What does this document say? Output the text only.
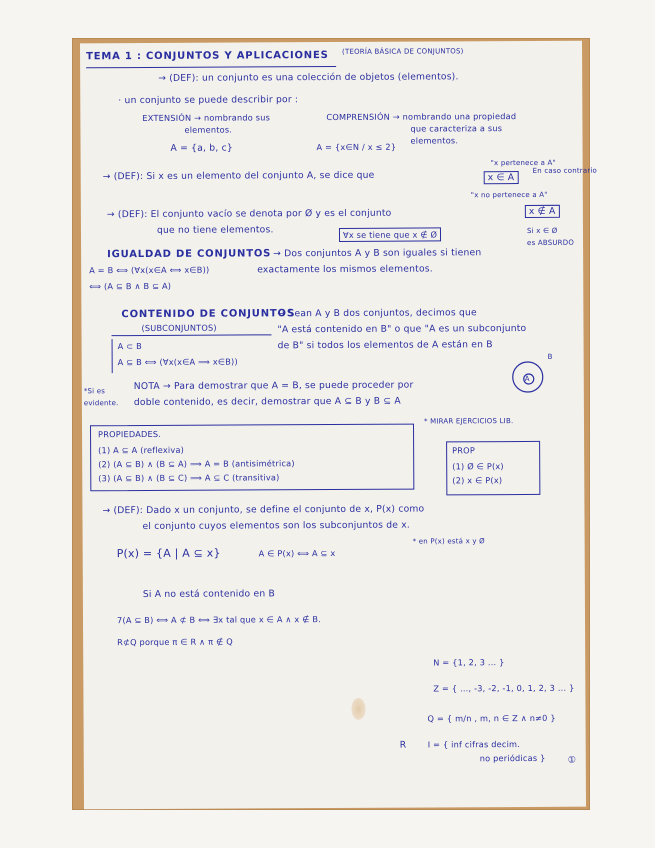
TEMA 1 : CONJUNTOS Y APLICACIONES (TEORÍA BÁSICA DE CONJUNTOS)
→ (DEF): un conjunto es una colección de objetos (elementos).
· un conjunto se puede describir por :
EXTENSIÓN → nombrando sus
elementos.
A = {a, b, c}
COMPRENSIÓN → nombrando una propiedad
que caracteriza a sus
elementos.
A = {x∈N / x ≤ 2}
"x pertenece a A"
→ (DEF): Si x es un elemento del conjunto A, se dice que	x ∈ A
En caso contrario
"x no pertenece a A"
x ∉ A
→ (DEF): El conjunto vacío se denota por Ø y es el conjunto
que no tiene elementos.	∀x se tiene que x ∉ Ø	Si x ∈ Ø
es ABSURDO
IGUALDAD DE CONJUNTOS → Dos conjuntos A y B son iguales si tienen
A = B ⟺ (∀x(x∈A ⟺ x∈B))	exactamente los mismos elementos.
⟺ (A ⊆ B ∧ B ⊆ A)
CONTENIDO DE CONJUNTOS
(SUBCONJUNTOS)
→ Sean A y B dos conjuntos, decimos que
"A está contenido en B" o que "A es un subconjunto
de B" si todos los elementos de A están en B
A ⊂ B
A ⊆ B ⟺ (∀x(x∈A ⟹ x∈B))	B
A
*Si es
evidente.
NOTA → Para demostrar que A = B, se puede proceder por
doble contenido, es decir, demostrar que A ⊆ B y B ⊆ A
* MIRAR EJERCICIOS LIB.
PROPIEDADES.
(1) A ⊆ A (reflexiva)
(2) (A ⊆ B) ∧ (B ⊆ A) ⟹ A = B (antisimétrica)
(3) (A ⊆ B) ∧ (B ⊆ C) ⟹ A ⊆ C (transitiva)
PROP
(1) Ø ∈ P(x)
(2) x ∈ P(x)
→ (DEF): Dado x un conjunto, se define el conjunto de x, P(x) como
el conjunto cuyos elementos son los subconjuntos de x.
P(x) = {A | A ⊆ x}	A ∈ P(x) ⟺ A ⊆ x
* en P(x) está x y Ø
Si A no está contenido en B
7(A ⊆ B) ⟺ A ⊄ B ⟺ ∃x tal que x ∈ A ∧ x ∉ B.
R⊄Q porque π ∈ R ∧ π ∉ Q
N = {1, 2, 3 ... }
Z = { ..., -3, -2, -1, 0, 1, 2, 3 ... }
R
Q = { m/n , m, n ∈ Z ∧ n≠0 }
I = { inf cifras decim.
no periódicas } ①
